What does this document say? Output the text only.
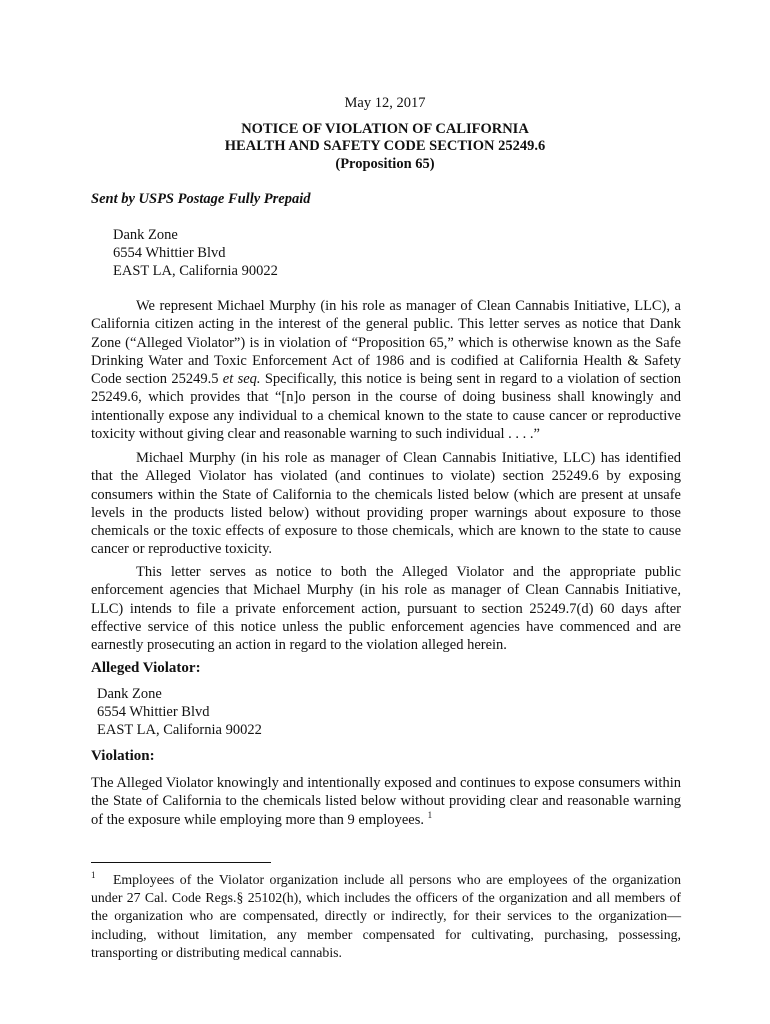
May 12, 2017
NOTICE OF VIOLATION OF CALIFORNIA
HEALTH AND SAFETY CODE SECTION 25249.6
(Proposition 65)
Sent by USPS Postage Fully Prepaid
Dank Zone
6554 Whittier Blvd
EAST LA, California 90022

We represent Michael Murphy (in his role as manager of Clean Cannabis Initiative, LLC), a California citizen acting in the interest of the general public. This letter serves as notice that Dank Zone (“Alleged Violator”) is in violation of “Proposition 65,” which is otherwise known as the Safe Drinking Water and Toxic Enforcement Act of 1986 and is codified at California Health & Safety Code section 25249.5 et seq. Specifically, this notice is being sent in regard to a violation of section 25249.6, which provides that “[n]o person in the course of doing business shall knowingly and intentionally expose any individual to a chemical known to the state to cause cancer or reproductive toxicity without giving clear and reasonable warning to such individual . . . .”

Michael Murphy (in his role as manager of Clean Cannabis Initiative, LLC) has identified that the Alleged Violator has violated (and continues to violate) section 25249.6 by exposing consumers within the State of California to the chemicals listed below (which are present at unsafe levels in the products listed below) without providing proper warnings about exposure to those chemicals or the toxic effects of exposure to those chemicals, which are known to the state to cause cancer or reproductive toxicity.

This letter serves as notice to both the Alleged Violator and the appropriate public enforcement agencies that Michael Murphy (in his role as manager of Clean Cannabis Initiative, LLC) intends to file a private enforcement action, pursuant to section 25249.7(d) 60 days after effective service of this notice unless the public enforcement agencies have commenced and are earnestly prosecuting an action in regard to the violation alleged herein.

Alleged Violator:
Dank Zone
6554 Whittier Blvd
EAST LA, California 90022
Violation:

The Alleged Violator knowingly and intentionally exposed and continues to expose consumers within the State of California to the chemicals listed below without providing clear and reasonable warning of the exposure while employing more than 9 employees. $^1$

$^1$ Employees of the Violator organization include all persons who are employees of the organization under 27 Cal. Code Regs.§ 25102(h), which includes the officers of the organization and all members of the organization who are compensated, directly or indirectly, for their services to the organization—including, without limitation, any member compensated for cultivating, purchasing, possessing, transporting or distributing medical cannabis.
